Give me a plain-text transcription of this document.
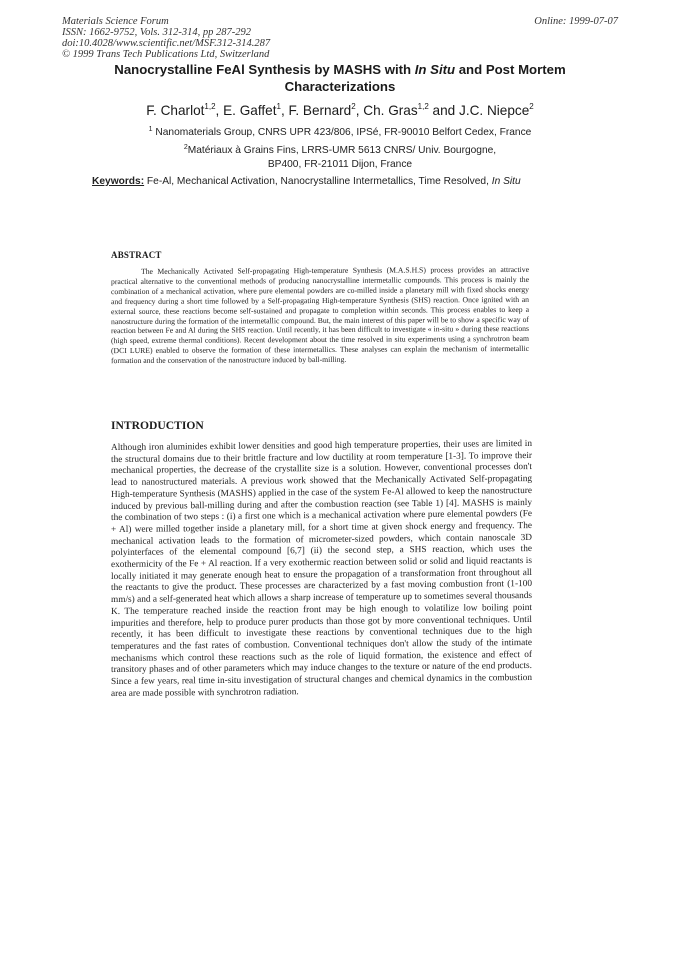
Materials Science Forum
ISSN: 1662-9752, Vols. 312-314, pp 287-292
doi:10.4028/www.scientific.net/MSF.312-314.287
© 1999 Trans Tech Publications Ltd, Switzerland
Online: 1999-07-07
Nanocrystalline FeAl Synthesis by MASHS with In Situ and Post Mortem Characterizations
F. Charlot$^{1,2}$, E. Gaffet$^1$, F. Bernard$^2$, Ch. Gras$^{1,2}$ and J.C. Niepce$^2$
$^1$ Nanomaterials Group, CNRS UPR 423/806, IPSé, FR-90010 Belfort Cedex, France
$^2$Matériaux à Grains Fins, LRRS-UMR 5613 CNRS/ Univ. Bourgogne,
BP400, FR-21011 Dijon, France
Keywords: Fe-Al, Mechanical Activation, Nanocrystalline Intermetallics, Time Resolved, In Situ
ABSTRACT

The Mechanically Activated Self-propagating High-temperature Synthesis (M.A.S.H.S) process provides an attractive practical alternative to the conventional methods of producing nanocrystalline intermetallic compounds. This process is mainly the combination of a mechanical activation, where pure elemental powders are co-milled inside a planetary mill with fixed shocks energy and frequency during a short time followed by a Self-propagating High-temperature Synthesis (SHS) reaction. Once ignited with an external source, these reactions become self-sustained and propagate to completion within seconds. This process enables to keep a nanostructure during the formation of the intermetallic compound. But, the main interest of this paper will be to show a specific way of reaction between Fe and Al during the SHS reaction. Until recently, it has been difficult to investigate « in-situ » during these reactions (high speed, extreme thermal conditions). Recent development about the time resolved in situ experiments using a synchrotron beam (DCI LURE) enabled to observe the formation of these intermetallics. These analyses can explain the mechanism of intermetallic formation and the conservation of the nanostructure induced by ball-milling.

INTRODUCTION

Although iron aluminides exhibit lower densities and good high temperature properties, their uses are limited in the structural domains due to their brittle fracture and low ductility at room temperature [1-3]. To improve their mechanical properties, the decrease of the crystallite size is a solution. However, conventional processes don't lead to nanostructured materials. A previous work showed that the Mechanically Activated Self-propagating High-temperature Synthesis (MASHS) applied in the case of the system Fe-Al allowed to keep the nanostructure induced by previous ball-milling during and after the combustion reaction (see Table 1) [4]. MASHS is mainly the combination of two steps : (i) a first one which is a mechanical activation where pure elemental powders (Fe + Al) were milled together inside a planetary mill, for a short time at given shock energy and frequency. The mechanical activation leads to the formation of micrometer-sized powders, which contain nanoscale 3D polyinterfaces of the elemental compound [6,7] (ii) the second step, a SHS reaction, which uses the exothermicity of the Fe + Al reaction. If a very exothermic reaction between solid or solid and liquid reactants is locally initiated it may generate enough heat to ensure the propagation of a transformation front throughout all the reactants to give the product. These processes are characterized by a fast moving combustion front (1-100 mm/s) and a self-generated heat which allows a sharp increase of temperature up to sometimes several thousands K. The temperature reached inside the reaction front may be high enough to volatilize low boiling point impurities and therefore, help to produce purer products than those got by more conventional techniques. Until recently, it has been difficult to investigate these reactions by conventional techniques due to the high temperatures and the fast rates of combustion. Conventional techniques don't allow the study of the intimate mechanisms which control these reactions such as the role of liquid formation, the existence and effect of transitory phases and of other parameters which may induce changes to the texture or nature of the end products. Since a few years, real time in-situ investigation of structural changes and chemical dynamics in the combustion area are made possible with synchrotron radiation.
